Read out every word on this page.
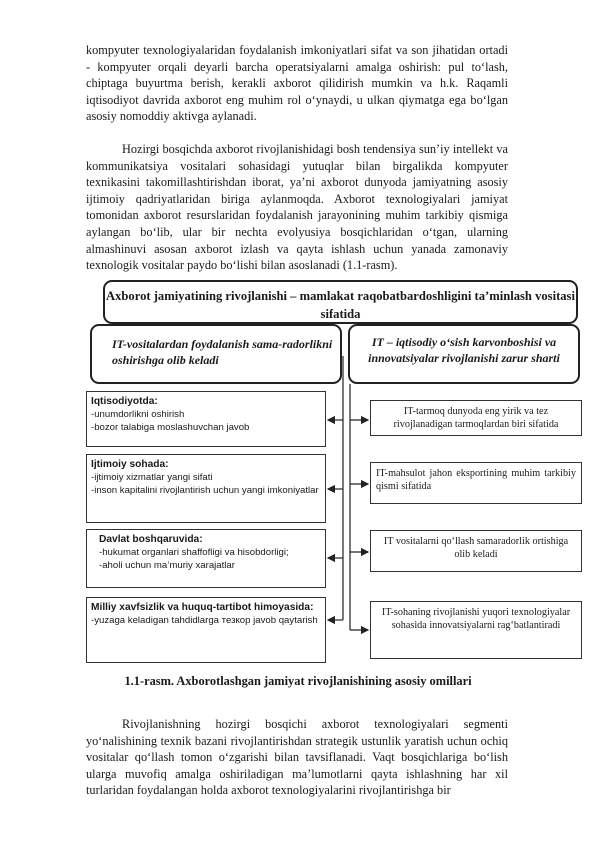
kompyuter texnologiyalaridan foydalanish imkoniyatlari sifat va son jihatidan ortadi - kompyuter orqali deyarli barcha operatsiyalarni amalga oshirish: pul to‘lash, chiptaga buyurtma berish, kerakli axborot qilidirish mumkin va h.k. Raqamli iqtisodiyot davrida axborot eng muhim rol o‘ynaydi, u ulkan qiymatga ega bo‘lgan asosiy nomoddiy aktivga aylanadi.

Hozirgi bosqichda axborot rivojlanishidagi bosh tendensiya sun’iy intellekt va kommunikatsiya vositalari sohasidagi yutuqlar bilan birgalikda kompyuter texnikasini takomillashtirishdan iborat, ya’ni axborot dunyoda jamiyatning asosiy ijtimoiy qadriyatlaridan biriga aylanmoqda. Axborot texnologiyalari jamiyat tomonidan axborot resurslaridan foydalanish jarayonining muhim tarkibiy qismiga aylangan bo‘lib, ular bir nechta evolyusiya bosqichlaridan o‘tgan, ularning almashinuvi asosan axborot izlash va qayta ishlash uchun yanada zamonaviy texnologik vositalar paydo bo‘lishi bilan asoslanadi (1.1-rasm).

Axborot jamiyatining rivojlanishi – mamlakat raqobatbardoshligini ta’minlash vositasi sifatida
IT-vositalardan foydalanish sama-radorlikni oshirishga olib keladi
IT – iqtisodiy o‘sish karvonboshisi va innovatsiyalar rivojlanishi zarur sharti
Iqtisodiyotda:
-unumdorlikni oshirish
-bozor talabiga moslashuvchan javob
Ijtimoiy sohada:
-ijtimoiy xizmatlar yangi sifati
-inson kapitalini rivojlantirish uchun yangi imkoniyatlar
Davlat boshqaruvida:
-hukumat organlari shaffofligi va hisobdorligi;
-aholi uchun ma’muriy xarajatlar
Milliy xavfsizlik va huquq-tartibot himoyasida:
-yuzaga keladigan tahdidlarga тезкор javob qaytarish
IT-tarmoq dunyoda eng yirik va tez rivojlanadigan tarmoqlardan biri sifatida
IT-mahsulot jahon eksportining muhim tarkibiy qismi sifatida
IT vositalarni qo‘llash samaradorlik ortishiga olib keladi
IT-sohaning rivojlanishi yuqori texnologiyalar sohasida innovatsiyalarni rag‘batlantiradi
1.1-rasm. Axborotlashgan jamiyat rivojlanishining asosiy omillari

Rivojlanishning hozirgi bosqichi axborot texnologiyalari segmenti yo‘nalishining texnik bazani rivojlantirishdan strategik ustunlik yaratish uchun ochiq vositalar qo‘llash tomon o‘zgarishi bilan tavsiflanadi. Vaqt bosqichlariga bo‘lish ularga muvofiq amalga oshiriladigan ma’lumotlarni qayta ishlashning har xil turlaridan foydalangan holda axborot texnologiyalarini rivojlantirishga bir
